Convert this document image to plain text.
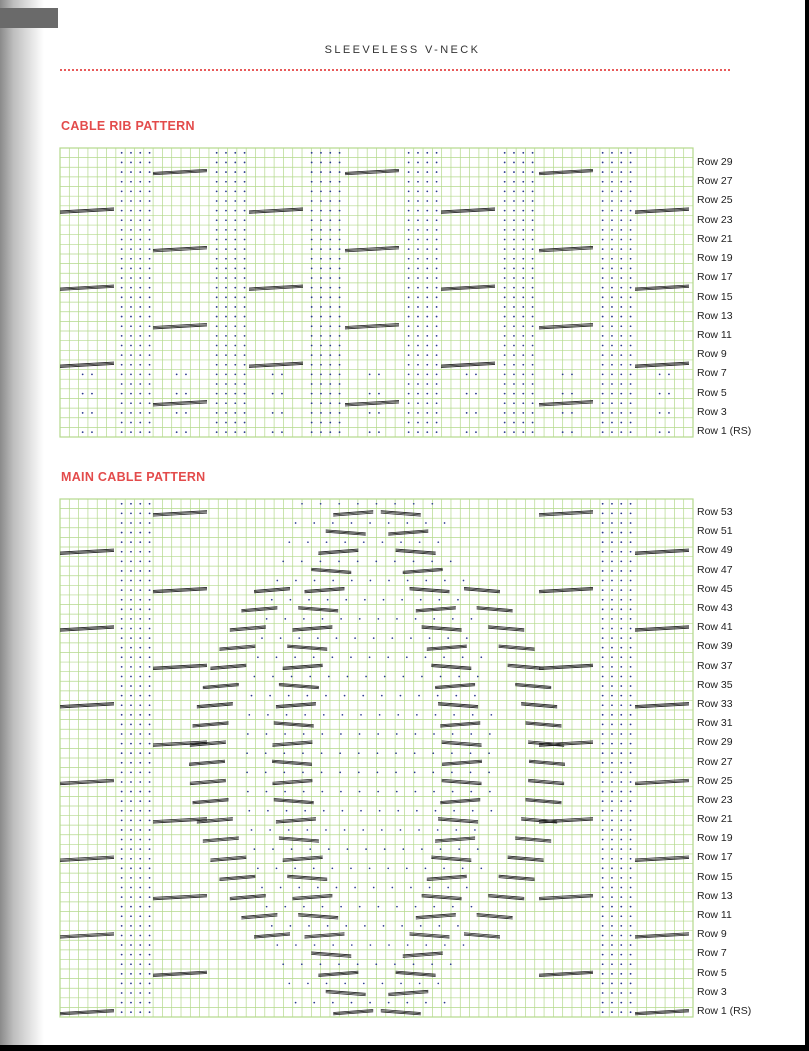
SLEEVELESS V-NECK
CABLE RIB PATTERN
MAIN CABLE PATTERN
Row 29
Row 27
Row 25
Row 23
Row 21
Row 19
Row 17
Row 15
Row 13
Row 11
Row 9
Row 7
Row 5
Row 3
Row 1 (RS)
Row 53
Row 51
Row 49
Row 47
Row 45
Row 43
Row 41
Row 39
Row 37
Row 35
Row 33
Row 31
Row 29
Row 27
Row 25
Row 23
Row 21
Row 19
Row 17
Row 15
Row 13
Row 11
Row 9
Row 7
Row 5
Row 3
Row 1 (RS)
